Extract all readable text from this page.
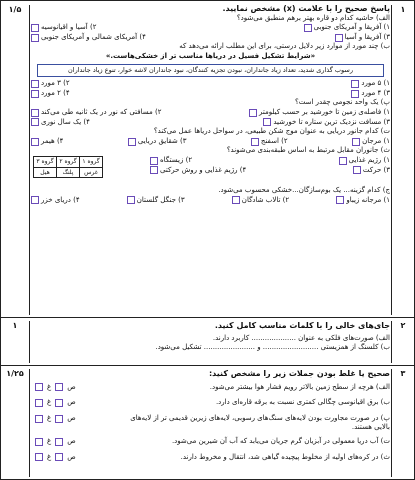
۱
۱/۵	پاسخ صحیح را با علامت (x) مشخص نمایید.
الف) حاشیه کدام دو قاره بهتر برهم منطبق می‌شود؟
۱) آفریقا و آمریکای جنوبی
۲) آسیا و اقیانوسیه
۳) آفریقا و آسیا
۴) آمریکای شمالی و آمریکای جنوبی
ب) چند مورد از موارد زیر دلایل درستی، برای این مطلب ارائه می‌دهد که
«شرایط تشکیل فسیل در دریاها مناسب تر از خشکی‌هاست.»
رسوب گذاری شدید، تعداد زیاد جانداران، نبودن تجزیه کنندگان، نبود جانداران لاشه خوار، تنوع زیاد جانداران
۱) ۵ مورد
۲) ۳ مورد
۳) ۴ مورد
۴) ۲ مورد
پ) یک واحد نجومی چقدر است؟
۱) فاصله‌ی زمین تا خورشید بر حسب کیلومتر
۲) مسافتی که نور در یک ثانیه طی می‌کند
۳) مسافت نزدیک ترین ستاره تا خورشید
۴) یک سال نوری
ت) کدام جانور دریایی به عنوان موج شکن طبیعی، در سواحل دریاها عمل می‌کند؟
۱) مرجان
۲) اسفنج
۳) شقایق دریایی
۴) هیمر
ث) جانوران مقابل مرتبط به اساس طبقه‌بندی می‌شوند؟
گروه ۱	گروه ۲	گروه ۳
غرس	پلنگ	هیل
۱) رژیم غذایی
۲) زیستگاه
۳) حرکت
۴) رژیم غذایی و روش حرکتی
ج) کدام گزینه... یک بوم‌سازگان...خشکی محسوب می‌شود.
۱) مرجانه زیباو
۲) تالاب شادگان
۳) جنگل گلستان
۴) دریای خزر
۲
۱	جای‌های خالی را با کلمات مناسب کامل کنید.
الف) صورت‌های فلکی به عنوان .................... کاربرد دارند.
ب) کلسنگ از همزیستی ......................... و ....................... تشکیل می‌شود.
۳
۱/۲۵	صحیح یا غلط بودن جملات زیر را مشخص کنید:
الف) هرچه از سطح زمین بالاتر رویم فشار هوا بیشتر می‌شود.
ص
غ
ب) برق اقیانوسی چگالی کمتری نسبت به برقه قاره‌ای دارد.
ص
غ
پ) در صورت مجاورت بودن لایه‌های سنگ‌های رسوبی، لایه‌های زیرین قدیمی تر از لایه‌های
ص
غ
بالایی هستند.
ت) آب دریا معمولی در آبزیان گرم جریان می‌یابد که آب آن شیرین می‌شود.
ص
غ
ث) در کره‌های اولیه از مخلوط پیچیده گیاهی شد، انتقال و مخروط دارند.
ص
غ
